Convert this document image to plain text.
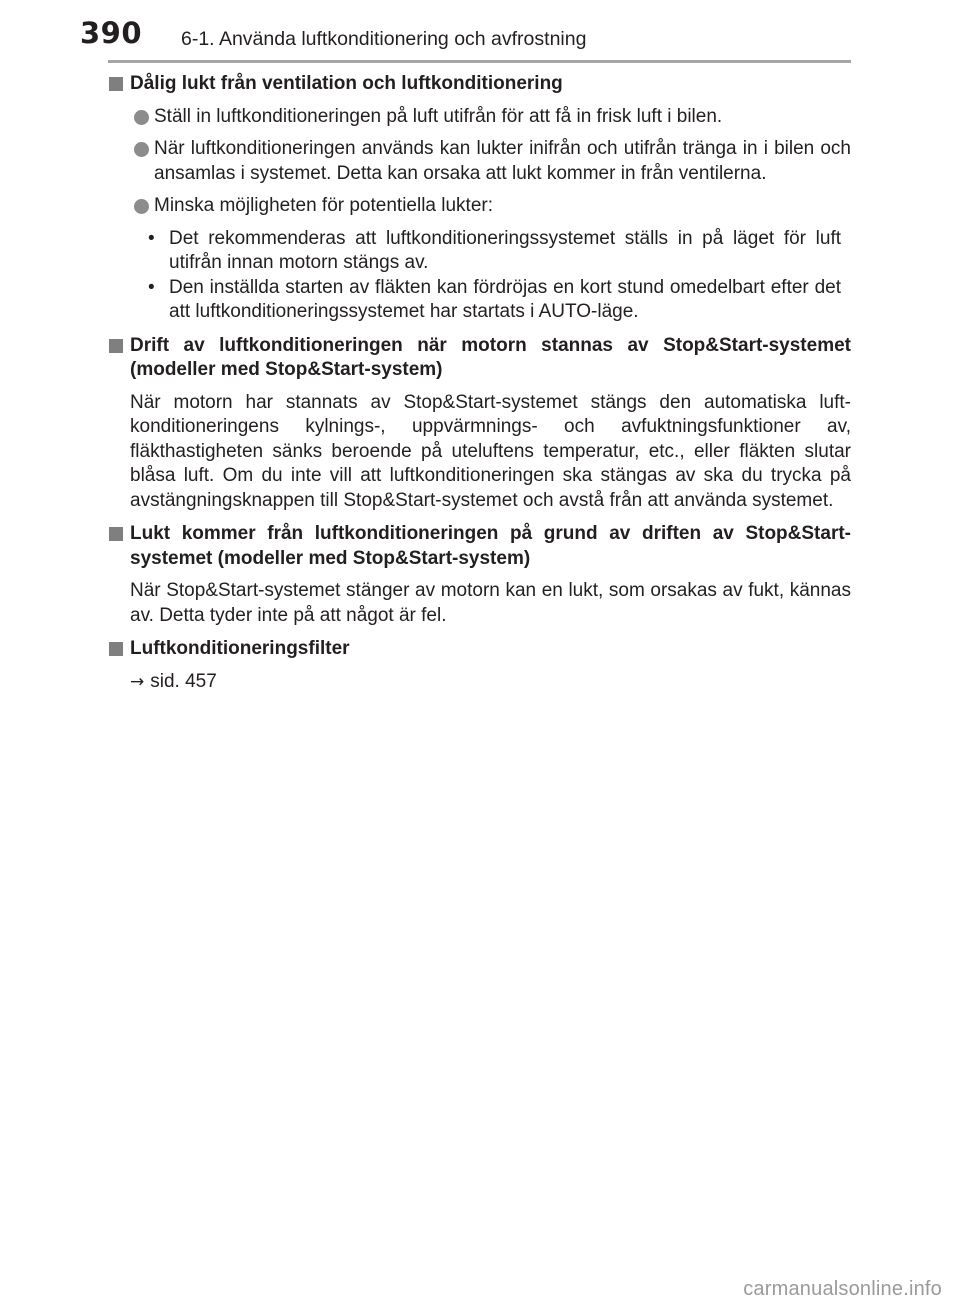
390 6-1. Använda luftkonditionering och avfrostning
Dålig lukt från ventilation och luftkonditionering
Ställ in luftkonditioneringen på luft utifrån för att få in frisk luft i bilen.
När luftkonditioneringen används kan lukter inifrån och utifrån tränga in i bilen och ansamlas i systemet. Detta kan orsaka att lukt kommer in från ventilerna.
Minska möjligheten för potentiella lukter:
• Det rekommenderas att luftkonditioneringssystemet ställs in på läget för luft utifrån innan motorn stängs av.
• Den inställda starten av fläkten kan fördröjas en kort stund omedelbart efter det att luftkonditioneringssystemet har startats i AUTO-läge.
Drift av luftkonditioneringen när motorn stannas av Stop&Start-systemet (modeller med Stop&Start-system)
När motorn har stannats av Stop&Start-systemet stängs den automatiska luft-konditioneringens kylnings-, uppvärmnings- och avfuktningsfunktioner av, fläkthastigheten sänks beroende på uteluftens temperatur, etc., eller fläkten slutar blåsa luft. Om du inte vill att luftkonditioneringen ska stängas av ska du trycka på avstängningsknappen till Stop&Start-systemet och avstå från att använda systemet.
Lukt kommer från luftkonditioneringen på grund av driften av Stop&Start-systemet (modeller med Stop&Start-system)
När Stop&Start-systemet stänger av motorn kan en lukt, som orsakas av fukt, kännas av. Detta tyder inte på att något är fel.
Luftkonditioneringsfilter
→ sid. 457
carmanualsonline.info
